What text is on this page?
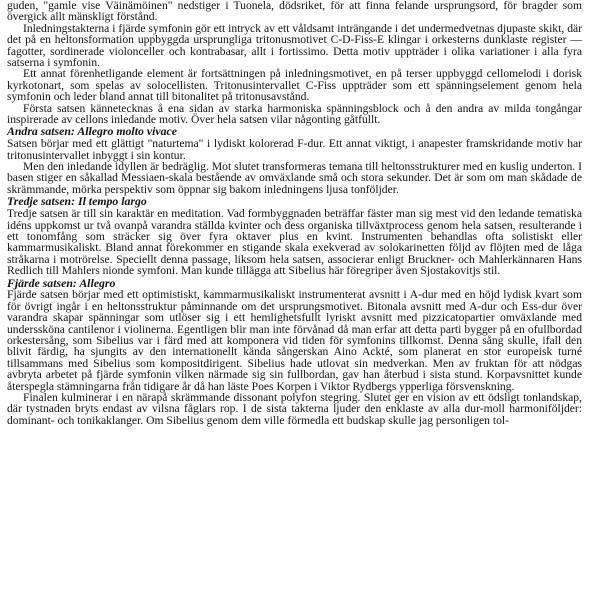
guden, "gamle vise Väinämöinen" nedstiger i Tuonela, dödsriket, för att finna felande ursprungsord, för bragder som övergick allt mänskligt förstånd.

Inledningstakterna i fjärde symfonin gör ett intryck av ett våldsamt inträngande i det undermedvetnas djupaste skikt, där det på en heltonsformation uppbyggda ursprungliga tritonusmotivet C-D-Fiss-E klingar i orkesterns dunklaste register — fagotter, sordinerade violonceller och kontrabasar, allt i fortissimo. Detta motiv uppträder i olika variationer i alla fyra satserna i symfonin.

Ett annat förenhetligande element är fortsättningen på inledningsmotivet, en på terser uppbyggd cellomelodi i dorisk kyrkotonart, som spelas av solocellisten. Tritonusintervallet C-Fiss uppträder som ett spänningselement genom hela symfonin och leder bland annat till bitonalitet på tritonusavstånd.

Första satsen kännetecknas å ena sidan av starka harmoniska spänningsblock och å den andra av milda tongångar inspirerade av cellons inledande motiv. Över hela satsen vilar någonting gåtfullt.

Andra satsen: Allegro molto vivace

Satsen börjar med ett glättigt "naturtema" i lydiskt kolorerad F-dur. Ett annat viktigt, i anapester framskridande motiv har tritonusintervallet inbyggt i sin kontur.

Men den inledande idyllen är bedräglig. Mot slutet transformeras temana till heltonsstrukturer med en kuslig underton. I basen stiger en såkallad Messiaen-skala bestående av omväxlande små och stora sekunder. Det är som om man skådade de skrämmande, mörka perspektiv som öppnar sig bakom inledningens ljusa tonföljder.

Tredje satsen: Il tempo largo

Tredje satsen är till sin karaktär en meditation. Vad formbyggnaden beträffar fäster man sig mest vid den ledande tematiska idéns uppkomst ur två ovanpå varandra ställda kvinter och dess organiska tillväxtprocess genom hela satsen, resulterande i ett tonomfång som sträcker sig över fyra oktaver plus en kvint. Instrumenten behandlas ofta solistiskt eller kammarmusikaliskt. Bland annat förekommer en stigande skala exekverad av solokarinetten följd av flöjten med de låga stråkarna i motrörelse. Speciellt denna passage, liksom hela satsen, associerar enligt Bruckner- och Mahlerkännaren Hans Redlich till Mahlers nionde symfoni. Man kunde tillägga att Sibelius här föregriper även Sjostakovitjs stil.

Fjärde satsen: Allegro

Fjärde satsen börjar med ett optimistiskt, kammarmusikaliskt instrumenterat avsnitt i A-dur med en höjd lydisk kvart som för övrigt ingår i en heltonsstruktur påminnande om det ursprungsmotivet. Bitonala avsnitt med A-dur och Ess-dur över varandra skapar spänningar som utlöser sig i ett hemlighetsfullt lyriskt avsnitt med pizzicatopartier omväxlande med underssköna cantilenor i violinerna. Egentligen blir man inte förvånad då man erfar att detta parti bygger på en ofullbordad orkestersång, som Sibelius var i färd med att komponera vid tiden för symfonins tillkomst. Denna sång skulle, ifall den blivit färdig, ha sjungits av den internationellt kända sångerskan Aino Ackté, som planerat en stor europeisk turné tillsammans med Sibelius som kompositdirigent. Sibelius hade utlovat sin medverkan. Men av fruktan för att nödgas avbryta arbetet på fjärde symfonin vilken närmade sig sin fullbordan, gav han återbud i sista stund. Korpavsnittet kunde återspegla stämningarna från tidigare år då han läste Poes Korpen i Viktor Rydbergs ypperliga försvenskning.

Finalen kulminerar i en närapå skrämmande dissonant polyfon stegring. Slutet ger en vision av ett ödsligt tonlandskap, där tystnaden bryts endast av vilsna fåglars rop. I de sista takterna ljuder den enklaste av alla dur-moll harmoniföljder: dominant- och tonikaklanger. Om Sibelius genom dem ville förmedla ett budskap skulle jag personligen tol-
